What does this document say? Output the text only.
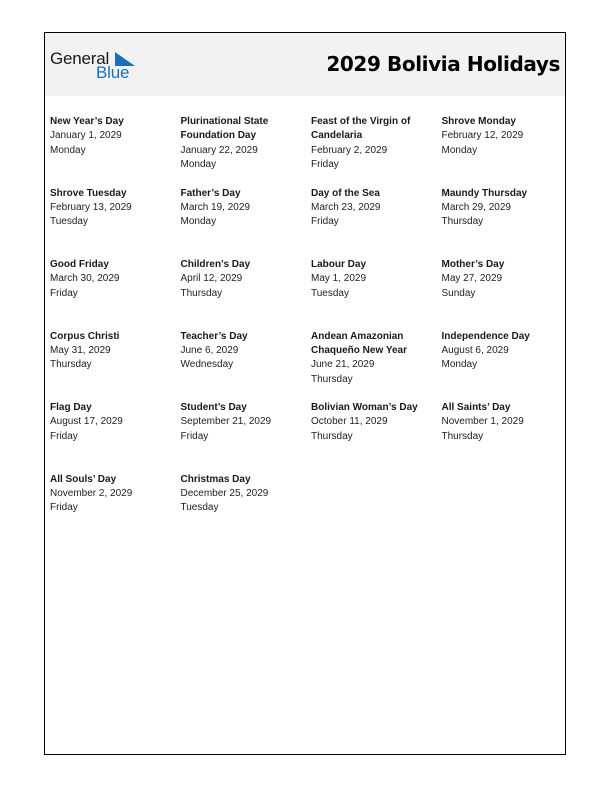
General
Blue	2029 Bolivia Holidays
New Year’s Day
January 1, 2029
Monday
Plurinational State Foundation Day
January 22, 2029
Monday
Feast of the Virgin of Candelaria
February 2, 2029
Friday
Shrove Monday
February 12, 2029
Monday
Shrove Tuesday
February 13, 2029
Tuesday
Father’s Day
March 19, 2029
Monday
Day of the Sea
March 23, 2029
Friday
Maundy Thursday
March 29, 2029
Thursday
Good Friday
March 30, 2029
Friday
Children’s Day
April 12, 2029
Thursday
Labour Day
May 1, 2029
Tuesday
Mother’s Day
May 27, 2029
Sunday
Corpus Christi
May 31, 2029
Thursday
Teacher’s Day
June 6, 2029
Wednesday
Andean Amazonian Chaqueño New Year
June 21, 2029
Thursday
Independence Day
August 6, 2029
Monday
Flag Day
August 17, 2029
Friday
Student’s Day
September 21, 2029
Friday
Bolivian Woman’s Day
October 11, 2029
Thursday
All Saints’ Day
November 1, 2029
Thursday
All Souls’ Day
November 2, 2029
Friday
Christmas Day
December 25, 2029
Tuesday
